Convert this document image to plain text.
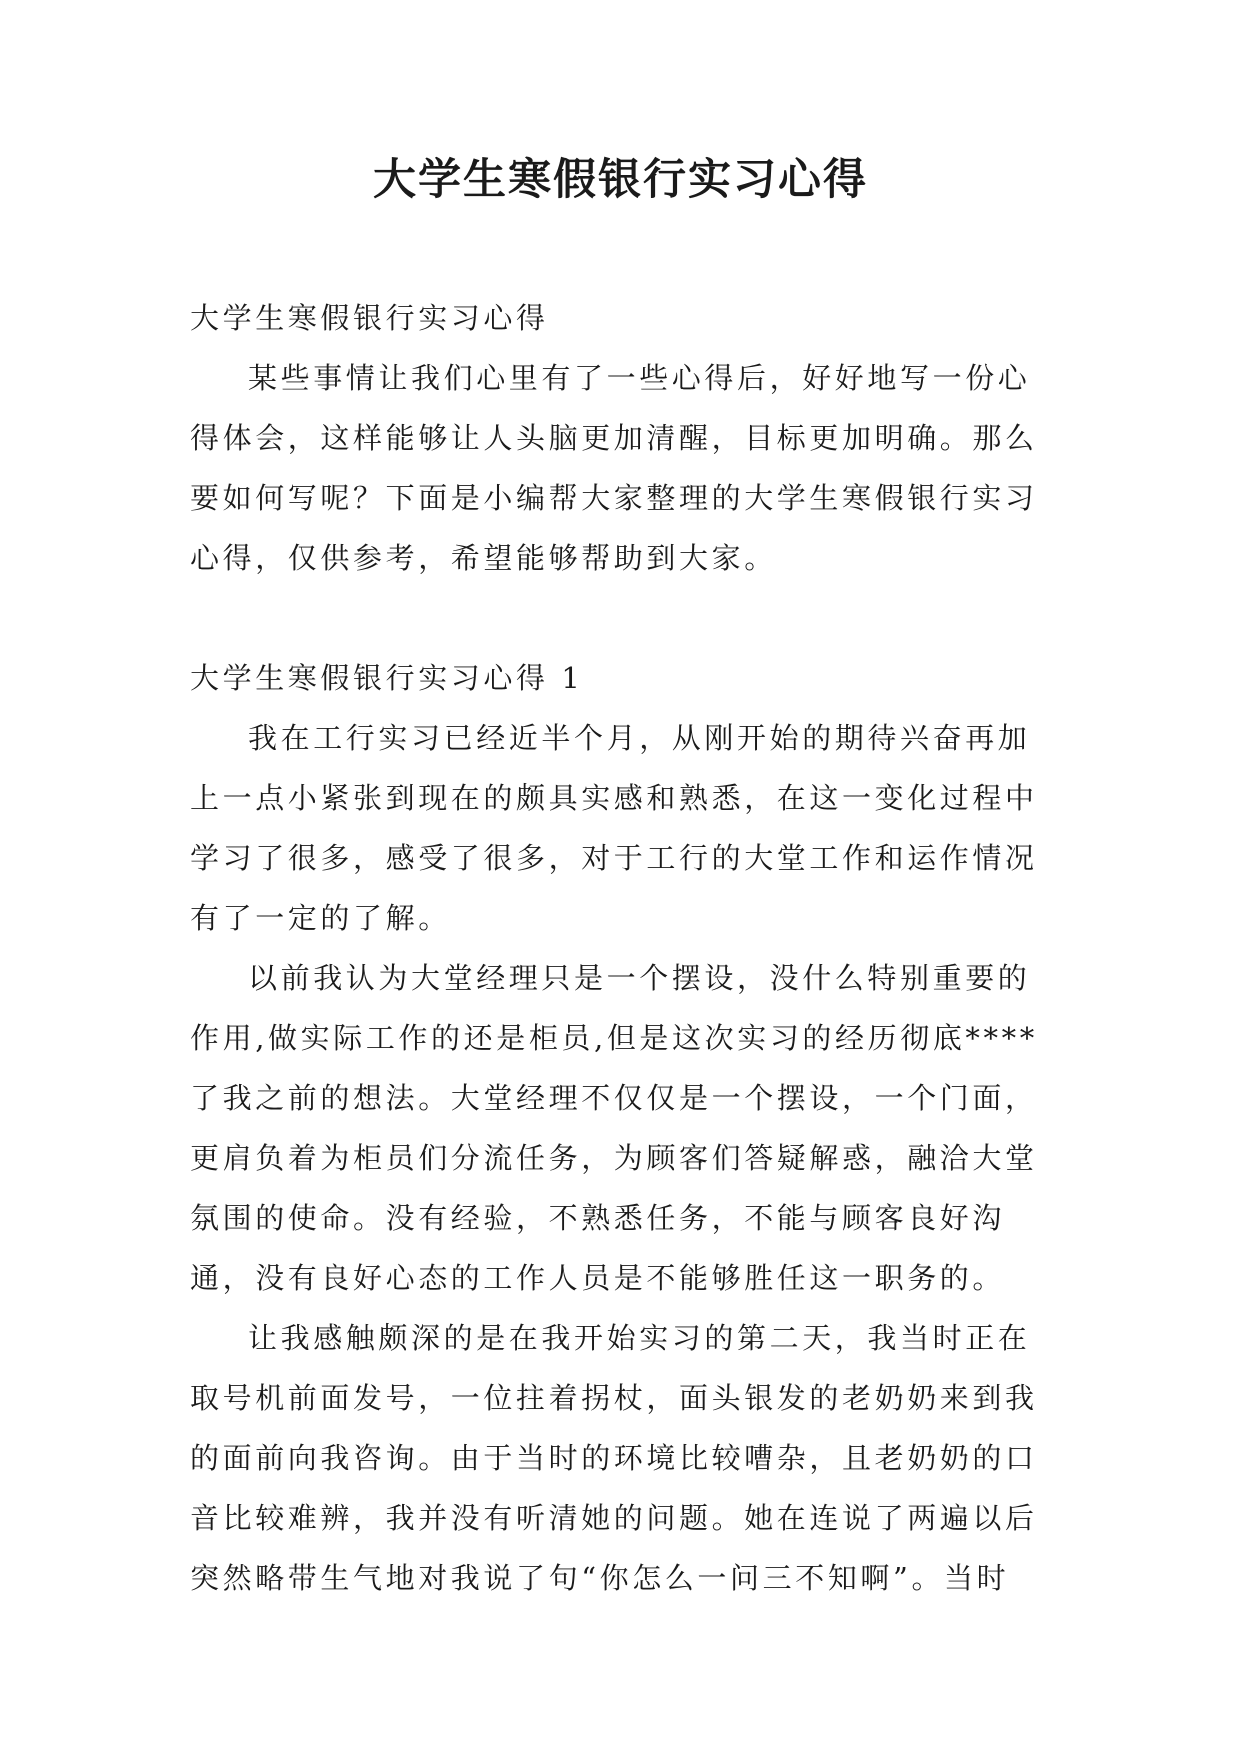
大学生寒假银行实习心得

大学生寒假银行实习心得

某些事情让我们心里有了一些心得后，好好地写一份心得体会，这样能够让人头脑更加清醒，目标更加明确。那么要如何写呢？下面是小编帮大家整理的大学生寒假银行实习心得，仅供参考，希望能够帮助到大家。

大学生寒假银行实习心得 1

我在工行实习已经近半个月，从刚开始的期待兴奋再加上一点小紧张到现在的颇具实感和熟悉，在这一变化过程中学习了很多，感受了很多，对于工行的大堂工作和运作情况有了一定的了解。

以前我认为大堂经理只是一个摆设，没什么特别重要的作用,做实际工作的还是柜员,但是这次实习的经历彻底****了我之前的想法。大堂经理不仅仅是一个摆设，一个门面，更肩负着为柜员们分流任务，为顾客们答疑解惑，融洽大堂氛围的使命。没有经验，不熟悉任务，不能与顾客良好沟通，没有良好心态的工作人员是不能够胜任这一职务的。

让我感触颇深的是在我开始实习的第二天，我当时正在取号机前面发号，一位拄着拐杖，面头银发的老奶奶来到我的面前向我咨询。由于当时的环境比较嘈杂，且老奶奶的口音比较难辨，我并没有听清她的问题。她在连说了两遍以后突然略带生气地对我说了句“你怎么一问三不知啊”。当时
